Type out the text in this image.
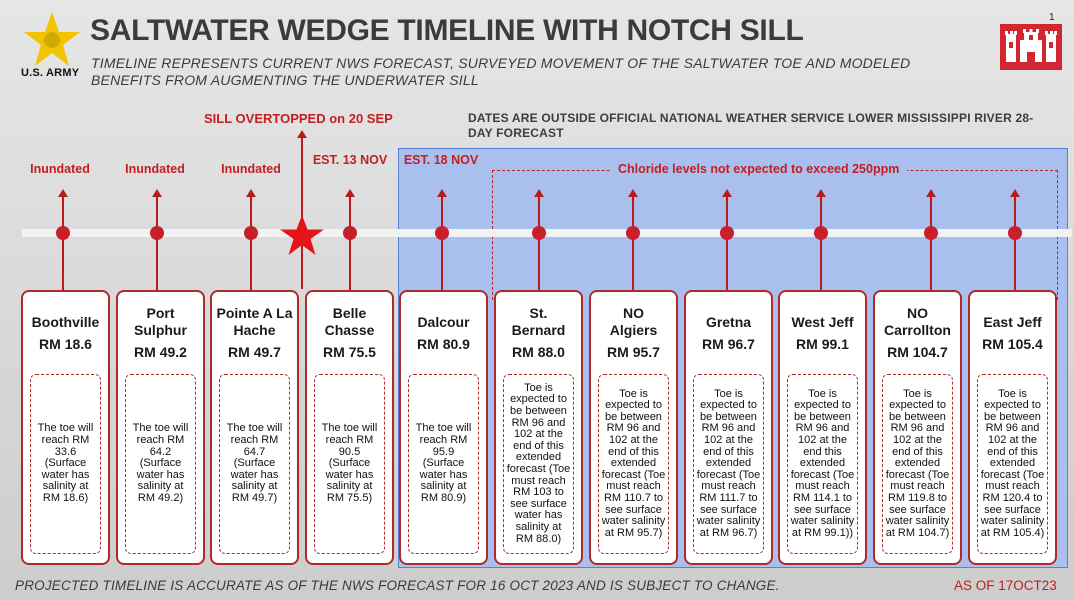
U.S. ARMY
1
SALTWATER WEDGE TIMELINE WITH NOTCH SILL
TIMELINE REPRESENTS CURRENT NWS FORECAST, SURVEYED MOVEMENT OF THE SALTWATER TOE AND MODELED BENEFITS FROM AUGMENTING THE UNDERWATER SILL
SILL OVERTOPPED on 20 SEP	DATES ARE OUTSIDE OFFICIAL NATIONAL WEATHER SERVICE LOWER MISSISSIPPI RIVER 28-DAY FORECAST
Chloride levels not expected to exceed 250ppm
Inundated	Inundated	Inundated
EST. 13 NOV	EST. 18 NOV
Boothville
RM 18.6
The toe will reach RM 33.6 (Surface water has salinity at RM 18.6)
Port Sulphur
RM 49.2
The toe will reach RM 64.2 (Surface water has salinity at RM 49.2)
Pointe A La Hache
RM 49.7
The toe will reach RM 64.7 (Surface water has salinity at RM 49.7)
Belle Chasse
RM 75.5
The toe will reach RM 90.5 (Surface water has salinity at RM 75.5)
Dalcour
RM 80.9
The toe will reach RM 95.9 (Surface water has salinity at RM 80.9)
St. Bernard
RM 88.0
Toe is expected to be between RM 96 and 102 at the end of this extended forecast (Toe must reach RM 103 to see surface water has salinity at RM 88.0)
NO Algiers
RM 95.7
Toe is expected to be between RM 96 and 102 at the end of this extended forecast (Toe must reach RM 110.7 to see surface water salinity at RM 95.7)
Gretna
RM 96.7
Toe is expected to be between RM 96 and 102 at the end of this extended forecast (Toe must reach RM 111.7 to see surface water salinity at RM 96.7)
West Jeff
RM 99.1
Toe is expected to be between RM 96 and 102 at the end this extended forecast (Toe must reach RM 114.1 to see surface water salinity at RM 99.1))
NO Carrollton
RM 104.7
Toe is expected to be between RM 96 and 102 at the end of this extended forecast (Toe must reach RM 119.8 to see surface water salinity at RM 104.7)
East Jeff
RM 105.4
Toe is expected to be between RM 96 and 102 at the end of this extended forecast (Toe must reach RM 120.4 to see surface water salinity at RM 105.4)
PROJECTED TIMELINE IS ACCURATE AS OF THE NWS FORECAST FOR 16 OCT 2023 AND IS SUBJECT TO CHANGE.	AS OF 17OCT23
